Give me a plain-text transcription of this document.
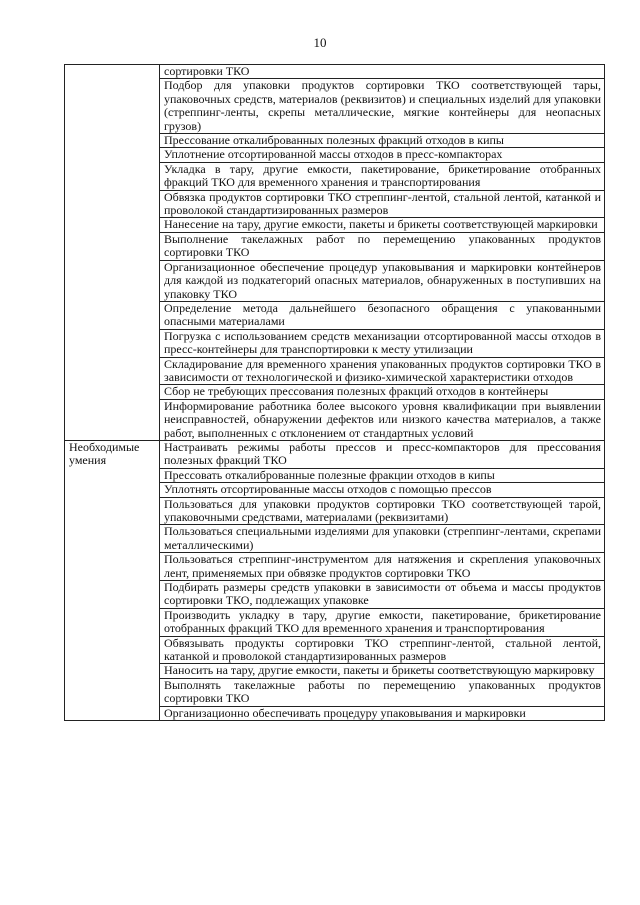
10
	сортировки ТКО
	Подбор для упаковки продуктов сортировки ТКО соответствующей тары, упаковочных средств, материалов (реквизитов) и специальных изделий для упаковки (стреппинг-ленты, скрепы металлические, мягкие контейнеры для неопасных грузов)
	Прессование откалиброванных полезных фракций отходов в кипы
	Уплотнение отсортированной массы отходов в пресс-компакторах
	Укладка в тару, другие емкости, пакетирование, брикетирование отобранных фракций ТКО для временного хранения и транспортирования
	Обвязка продуктов сортировки ТКО стреппинг-лентой, стальной лентой, катанкой и проволокой стандартизированных размеров
	Нанесение на тару, другие емкости, пакеты и брикеты соответствующей маркировки
	Выполнение такелажных работ по перемещению упакованных продуктов сортировки ТКО
	Организационное обеспечение процедур упаковывания и маркировки контейнеров для каждой из подкатегорий опасных материалов, обнаруженных в поступивших на упаковку ТКО
	Определение метода дальнейшего безопасного обращения с упакованными опасными материалами
	Погрузка с использованием средств механизации отсортированной массы отходов в пресс-контейнеры для транспортировки к месту утилизации
	Складирование для временного хранения упакованных продуктов сортировки ТКО в зависимости от технологической и физико-химической характеристики отходов
	Сбор не требующих прессования полезных фракций отходов в контейнеры
	Информирование работника более высокого уровня квалификации при выявлении неисправностей, обнаружении дефектов или низкого качества материалов, а также работ, выполненных с отклонением от стандартных условий
Необходимые умения	Настраивать режимы работы прессов и пресс-компакторов для прессования полезных фракций ТКО
	Прессовать откалиброванные полезные фракции отходов в кипы
	Уплотнять отсортированные массы отходов с помощью прессов
	Пользоваться для упаковки продуктов сортировки ТКО соответствующей тарой, упаковочными средствами, материалами (реквизитами)
	Пользоваться специальными изделиями для упаковки (стреппинг-лентами, скрепами металлическими)
	Пользоваться стреппинг-инструментом для натяжения и скрепления упаковочных лент, применяемых при обвязке продуктов сортировки ТКО
	Подбирать размеры средств упаковки в зависимости от объема и массы продуктов сортировки ТКО, подлежащих упаковке
	Производить укладку в тару, другие емкости, пакетирование, брикетирование отобранных фракций ТКО для временного хранения и транспортирования
	Обвязывать продукты сортировки ТКО стреппинг-лентой, стальной лентой, катанкой и проволокой стандартизированных размеров
	Наносить на тару, другие емкости, пакеты и брикеты соответствующую маркировку
	Выполнять такелажные работы по перемещению упакованных продуктов сортировки ТКО
	Организационно обеспечивать процедуру упаковывания и маркировки
